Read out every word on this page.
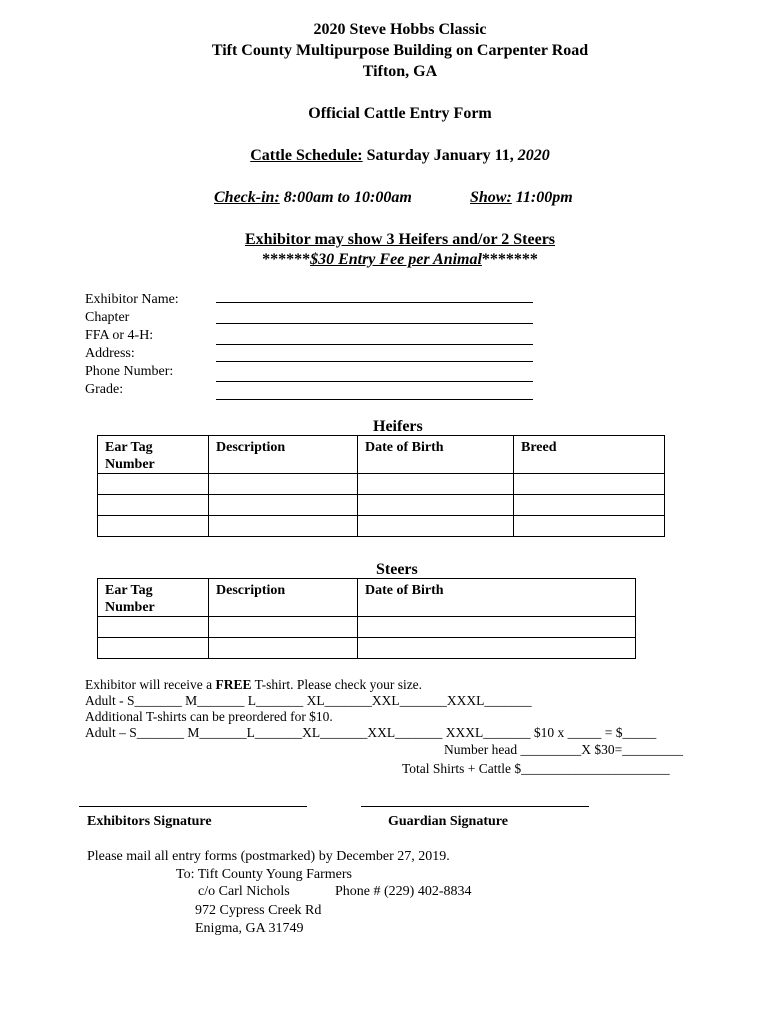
2020 Steve Hobbs Classic
Tift County Multipurpose Building on Carpenter Road
Tifton, GA
Official Cattle Entry Form
Cattle Schedule: Saturday January 11, 2020
Check-in: 8:00am to 10:00am	Show: 11:00pm
Exhibitor may show 3 Heifers and/or 2 Steers
******$30 Entry Fee per Animal*******
Exhibitor Name:
Chapter
FFA or 4-H:
Address:
Phone Number:
Grade:
Heifers
Ear Tag
Number	Description	Date of Birth	Breed

Steers
Ear Tag
Number	Description	Date of Birth

Exhibitor will receive a FREE T-shirt. Please check your size.
Adult - S_______ M_______ L_______ XL_______XXL_______XXXL_______
Additional T-shirts can be preordered for $10.
Adult – S_______ M_______L_______XL_______XXL_______ XXXL_______ $10 x _____ = $_____
Number head _________X $30=_________
Total Shirts + Cattle $______________________
Exhibitors Signature	Guardian Signature
Please mail all entry forms (postmarked) by December 27, 2019.
To: Tift County Young Farmers
c/o Carl Nichols	Phone # (229) 402-8834
972 Cypress Creek Rd
Enigma, GA 31749
